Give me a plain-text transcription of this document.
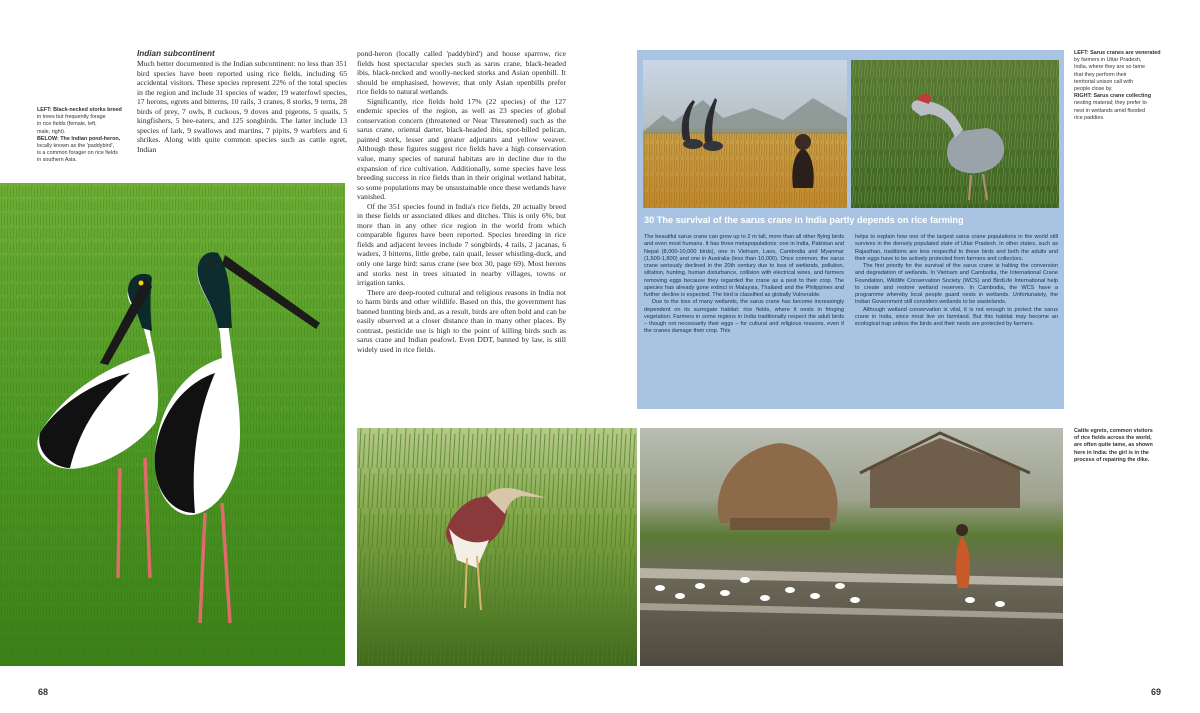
LEFT: Black-necked storks breed
in trees but frequently forage
in rice fields (female, left,
male, right).
BELOW: The Indian pond-heron,
locally known as the 'paddybird',
is a common forager on rice fields
in southern Asia.
Indian subcontinent

Much better documented is the Indian subcontinent: no less than 351 bird species have been reported using rice fields, including 65 accidental visitors. These species represent 22% of the total species in the region and include 31 species of wader, 19 waterfowl species, 17 herons, egrets and bitterns, 10 rails, 3 cranes, 8 storks, 9 terns, 28 birds of prey, 7 owls, 8 cuckoos, 9 doves and pigeons, 5 quails, 5 kingfishers, 5 bee-eaters, and 125 songbirds. The latter include 13 species of lark, 9 swallows and martins, 7 pipits, 9 warblers and 6 shrikes. Along with quite common species such as cattle egret, Indian

pond-heron (locally called 'paddybird') and house sparrow, rice fields host spectacular species such as sarus crane, black-headed ibis, black-necked and woolly-necked storks and Asian openbill. It should be emphasised, however, that only Asian openbills prefer rice fields to natural wetlands.

Significantly, rice fields hold 17% (22 species) of the 127 endemic species of the region, as well as 23 species of global conservation concern (threatened or Near Threatened) such as the sarus crane, oriental darter, black-headed ibis, spot-billed pelican, painted stork, lesser and greater adjutants and yellow weaver. Although these figures suggest rice fields have a high conservation value, many species of natural habitats are in decline due to the expansion of rice cultivation. Additionally, some species have less breeding success in rice fields than in their original wetland habitat, so some populations may be unsustainable once these wetlands have vanished.

Of the 351 species found in India's rice fields, 20 actually breed in these fields or associated dikes and ditches. This is only 6%, but more than in any other rice region in the world from which comparable figures have been reported. Species breeding in rice fields and adjacent levees include 7 songbirds, 4 rails, 2 jacanas, 6 waders, 3 bitterns, little grebe, rain quail, lesser whistling-duck, and only one large bird: sarus crane (see box 30, page 69). Most herons and storks nest in trees situated in nearby villages, towns or irrigation tanks.

There are deep-rooted cultural and religious reasons in India not to harm birds and other wildlife. Based on this, the government has banned hunting birds and, as a result, birds are often bold and can be easily observed at a closer distance than in many other places. By contrast, pesticide use is high to the point of killing birds such as sarus crane and Indian peafowl. Even DDT, banned by law, is still widely used in rice fields.

68	69
30 The survival of the sarus crane in India partly depends on rice farming

The beautiful sarus crane can grow up to 2 m tall, more than all other flying birds and even most humans. It has three metapopulations: one in India, Pakistan and Nepal (8,000-10,000 birds), one in Vietnam, Laos, Cambodia and Myanmar (1,500-1,800) and one in Australia (less than 10,000). Once common, the sarus crane seriously declined in the 20th century due to loss of wetlands, pollution, siltation, hunting, human disturbance, collision with electrical wires, and farmers removing eggs because they regarded the crane as a pest to their crop. The species has already gone extinct in Malaysia, Thailand and the Philippines and further decline is expected. The bird is classified as globally Vulnerable.

Due to the loss of many wetlands, the sarus crane has become increasingly dependent on its surrogate habitat: rice fields, where it nests in fringing vegetation. Farmers in some regions in India traditionally respect the adult birds – though not necessarily their eggs – for cultural and religious reasons, even if the cranes damage their crop. This

helps to explain how one of the largest sarus crane populations in the world still survives in the densely populated state of Uttar Pradesh. In other states, such as Rajasthan, traditions are less respectful to these birds and both the adults and their eggs have to be actively protected from farmers and collectors.

The first priority for the survival of the sarus crane is halting the conversion and degradation of wetlands. In Vietnam and Cambodia, the International Crane Foundation, Wildlife Conservation Society (WCS) and BirdLife International help to create and restore wetland reserves. In Cambodia, the WCS have a programme whereby local people guard nests in wetlands. Unfortunately, the Indian Government still considers wetlands to be wastelands.

Although wetland conservation is vital, it is not enough to protect the sarus crane in India, since most live on farmland. But this habitat may become an ecological trap unless the birds and their nests are protected by farmers.

LEFT: Sarus cranes are venerated
by farmers in Uttar Pradesh,
India, where they are so tame
that they perform their
territorial unison call with
people close by.
RIGHT: Sarus crane collecting
nesting material; they prefer to
nest in wetlands amid flooded
rice paddies.
Cattle egrets, common visitors
of rice fields across the world,
are often quite tame, as shown
here in India: the girl is in the
process of repairing the dike.
